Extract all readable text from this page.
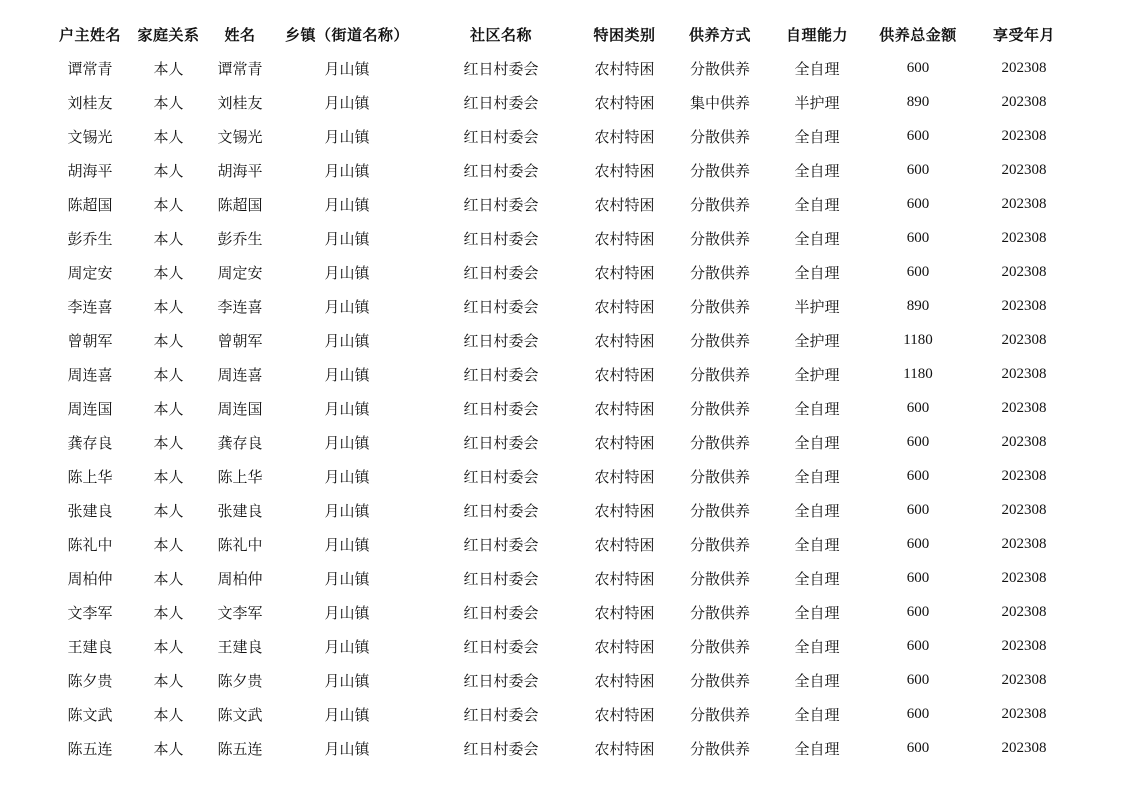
户主姓名	家庭关系	姓名	乡镇（街道名称）	社区名称	特困类别	供养方式	自理能力	供养总金额	享受年月
谭常青	本人	谭常青	月山镇	红日村委会	农村特困	分散供养	全自理	600	202308
刘桂友	本人	刘桂友	月山镇	红日村委会	农村特困	集中供养	半护理	890	202308
文锡光	本人	文锡光	月山镇	红日村委会	农村特困	分散供养	全自理	600	202308
胡海平	本人	胡海平	月山镇	红日村委会	农村特困	分散供养	全自理	600	202308
陈超国	本人	陈超国	月山镇	红日村委会	农村特困	分散供养	全自理	600	202308
彭乔生	本人	彭乔生	月山镇	红日村委会	农村特困	分散供养	全自理	600	202308
周定安	本人	周定安	月山镇	红日村委会	农村特困	分散供养	全自理	600	202308
李连喜	本人	李连喜	月山镇	红日村委会	农村特困	分散供养	半护理	890	202308
曾朝军	本人	曾朝军	月山镇	红日村委会	农村特困	分散供养	全护理	1180	202308
周连喜	本人	周连喜	月山镇	红日村委会	农村特困	分散供养	全护理	1180	202308
周连国	本人	周连国	月山镇	红日村委会	农村特困	分散供养	全自理	600	202308
龚存良	本人	龚存良	月山镇	红日村委会	农村特困	分散供养	全自理	600	202308
陈上华	本人	陈上华	月山镇	红日村委会	农村特困	分散供养	全自理	600	202308
张建良	本人	张建良	月山镇	红日村委会	农村特困	分散供养	全自理	600	202308
陈礼中	本人	陈礼中	月山镇	红日村委会	农村特困	分散供养	全自理	600	202308
周柏仲	本人	周柏仲	月山镇	红日村委会	农村特困	分散供养	全自理	600	202308
文李军	本人	文李军	月山镇	红日村委会	农村特困	分散供养	全自理	600	202308
王建良	本人	王建良	月山镇	红日村委会	农村特困	分散供养	全自理	600	202308
陈夕贵	本人	陈夕贵	月山镇	红日村委会	农村特困	分散供养	全自理	600	202308
陈文武	本人	陈文武	月山镇	红日村委会	农村特困	分散供养	全自理	600	202308
陈五连	本人	陈五连	月山镇	红日村委会	农村特困	分散供养	全自理	600	202308
